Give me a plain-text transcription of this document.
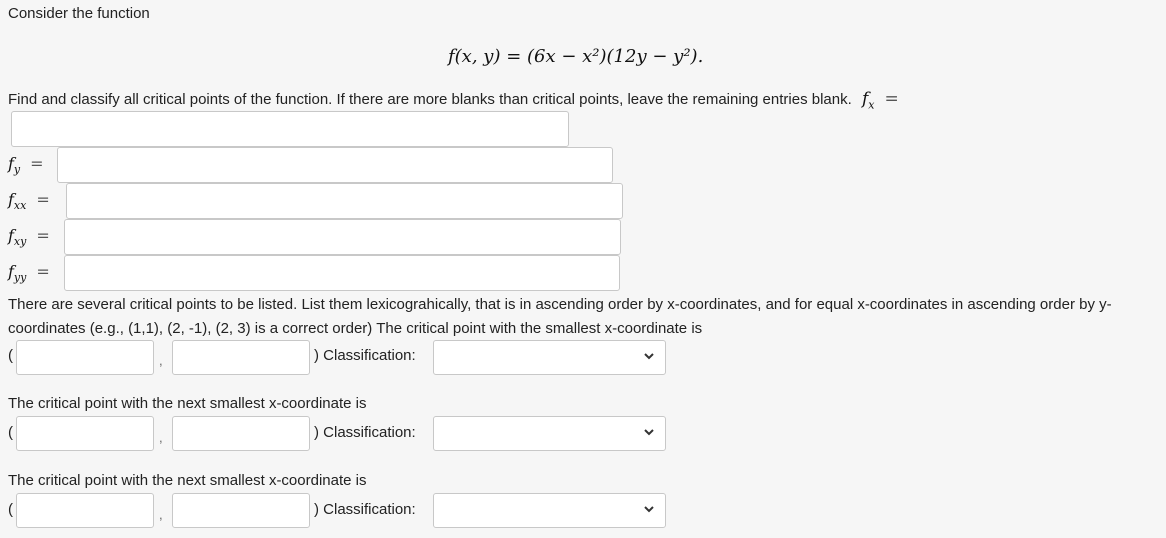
Consider the function
f(x, y) = (6x − x²)(12y − y²).
Find and classify all critical points of the function. If there are more blanks than critical points, leave the remaining entries blank. $f_x$ =
$f_y$ =
$f_{xx}$ =
$f_{xy}$ =
$f_{yy}$ =
There are several critical points to be listed. List them lexicograhically, that is in ascending order by x-coordinates, and for equal x-coordinates in ascending order by y-coordinates (e.g., (1,1), (2, -1), (2, 3) is a correct order) The critical point with the smallest x-coordinate is
(	,	) Classification:
The critical point with the next smallest x-coordinate is
(	,	) Classification:
The critical point with the next smallest x-coordinate is
(	,	) Classification:
